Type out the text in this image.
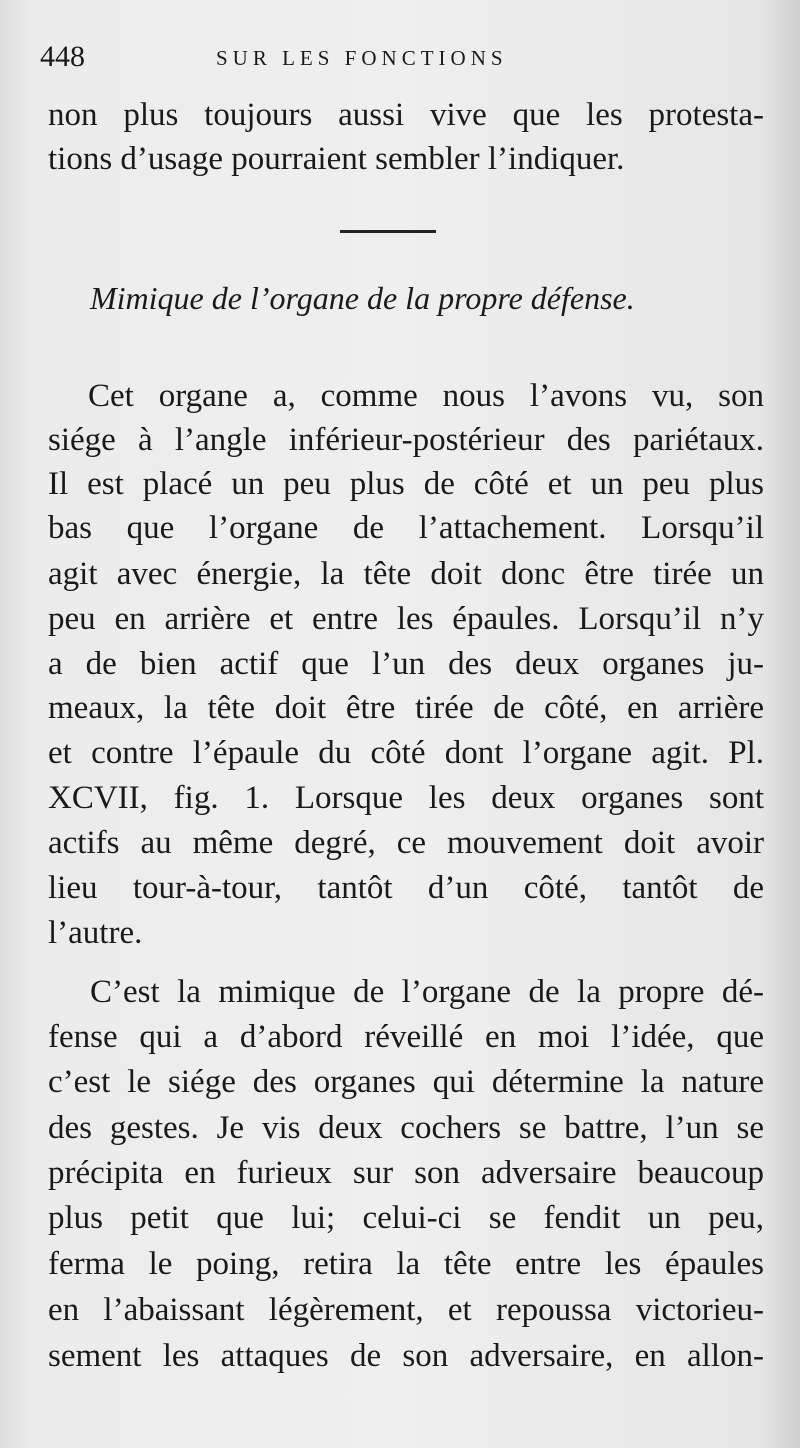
448	SUR LES FONCTIONS
non plus toujours aussi vive que les protesta-
tions d’usage pourraient sembler l’indiquer.
Mimique de l’organe de la propre défense.
Cet organe a, comme nous l’avons vu, son
siége à l’angle inférieur-postérieur des pariétaux.
Il est placé un peu plus de côté et un peu plus
bas que l’organe de l’attachement. Lorsqu’il
agit avec énergie, la tête doit donc être tirée un
peu en arrière et entre les épaules. Lorsqu’il n’y
a de bien actif que l’un des deux organes ju-
meaux, la tête doit être tirée de côté, en arrière
et contre l’épaule du côté dont l’organe agit. Pl.
XCVII, fig. 1. Lorsque les deux organes sont
actifs au même degré, ce mouvement doit avoir
lieu tour-à-tour, tantôt d’un côté, tantôt de
l’autre.
C’est la mimique de l’organe de la propre dé-
fense qui a d’abord réveillé en moi l’idée, que
c’est le siége des organes qui détermine la nature
des gestes. Je vis deux cochers se battre, l’un se
précipita en furieux sur son adversaire beaucoup
plus petit que lui; celui-ci se fendit un peu,
ferma le poing, retira la tête entre les épaules
en l’abaissant légèrement, et repoussa victorieu-
sement les attaques de son adversaire, en allon-
